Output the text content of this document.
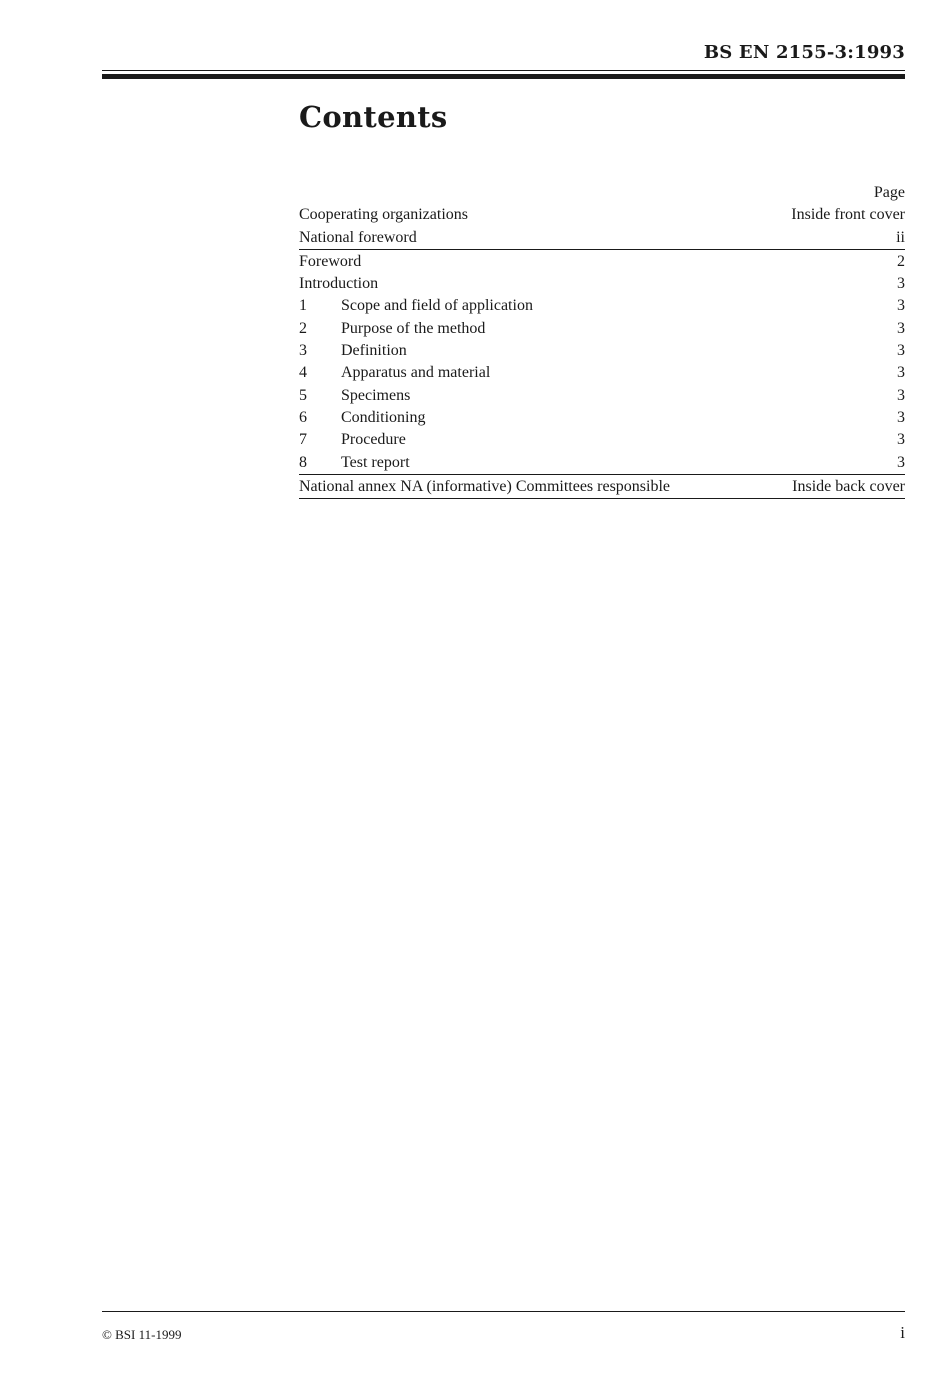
BS EN 2155-3:1993
Contents
Page
Cooperating organizations	Inside front cover
National foreword	ii
Foreword	2
Introduction	3
1	Scope and field of application	3
2	Purpose of the method	3
3	Definition	3
4	Apparatus and material	3
5	Specimens	3
6	Conditioning	3
7	Procedure	3
8	Test report	3
National annex NA (informative) Committees responsible	Inside back cover
© BSI 11-1999	i
